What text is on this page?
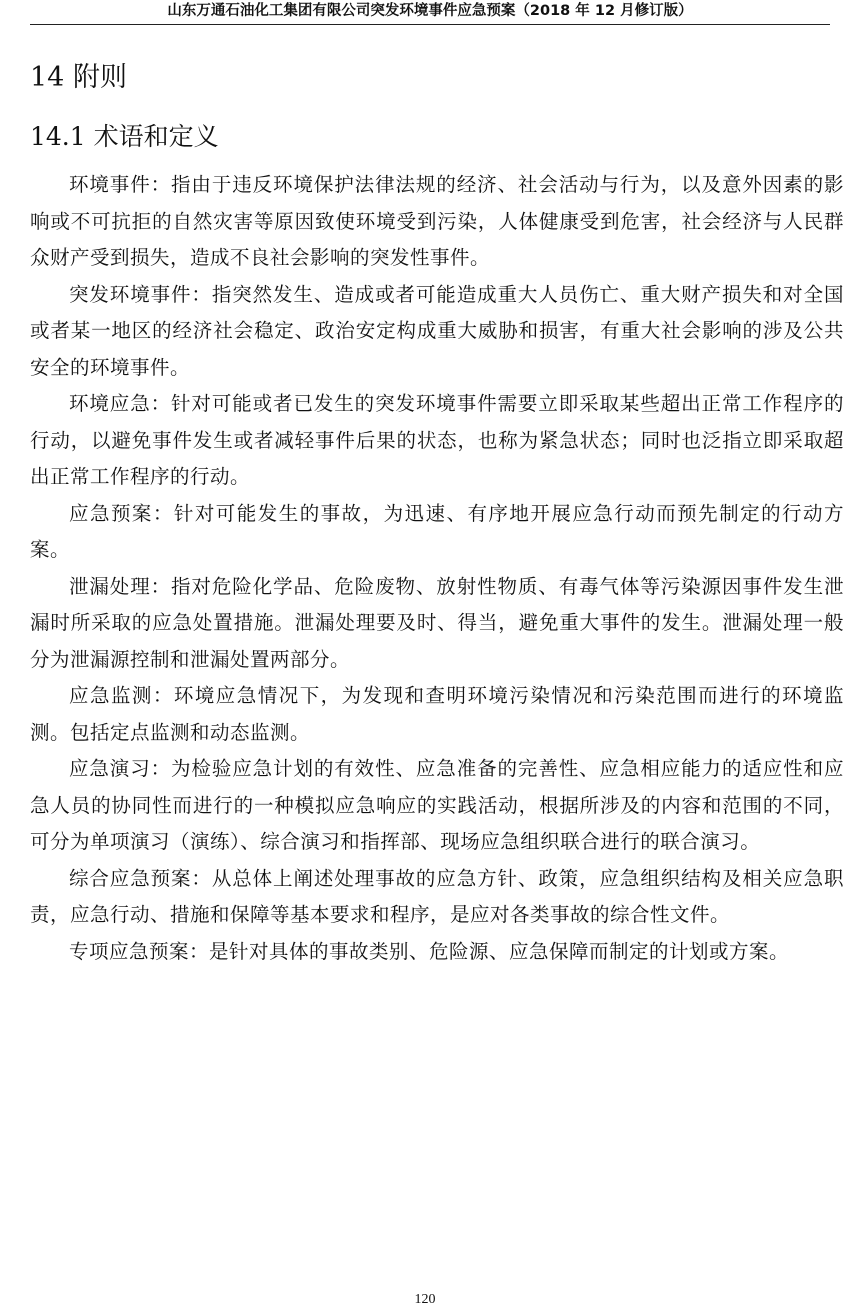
山东万通石油化工集团有限公司突发环境事件应急预案（2018 年 12 月修订版）
14 附则
14.1 术语和定义

环境事件：指由于违反环境保护法律法规的经济、社会活动与行为，以及意外因素的影响或不可抗拒的自然灾害等原因致使环境受到污染，人体健康受到危害，社会经济与人民群众财产受到损失，造成不良社会影响的突发性事件。

突发环境事件：指突然发生、造成或者可能造成重大人员伤亡、重大财产损失和对全国或者某一地区的经济社会稳定、政治安定构成重大威胁和损害，有重大社会影响的涉及公共安全的环境事件。

环境应急：针对可能或者已发生的突发环境事件需要立即采取某些超出正常工作程序的行动，以避免事件发生或者减轻事件后果的状态，也称为紧急状态；同时也泛指立即采取超出正常工作程序的行动。

应急预案：针对可能发生的事故，为迅速、有序地开展应急行动而预先制定的行动方案。

泄漏处理：指对危险化学品、危险废物、放射性物质、有毒气体等污染源因事件发生泄漏时所采取的应急处置措施。泄漏处理要及时、得当，避免重大事件的发生。泄漏处理一般分为泄漏源控制和泄漏处置两部分。

应急监测：环境应急情况下，为发现和查明环境污染情况和污染范围而进行的环境监测。包括定点监测和动态监测。

应急演习：为检验应急计划的有效性、应急准备的完善性、应急相应能力的适应性和应急人员的协同性而进行的一种模拟应急响应的实践活动，根据所涉及的内容和范围的不同，可分为单项演习（演练）、综合演习和指挥部、现场应急组织联合进行的联合演习。

综合应急预案：从总体上阐述处理事故的应急方针、政策，应急组织结构及相关应急职责，应急行动、措施和保障等基本要求和程序，是应对各类事故的综合性文件。

专项应急预案：是针对具体的事故类别、危险源、应急保障而制定的计划或方案。

120
